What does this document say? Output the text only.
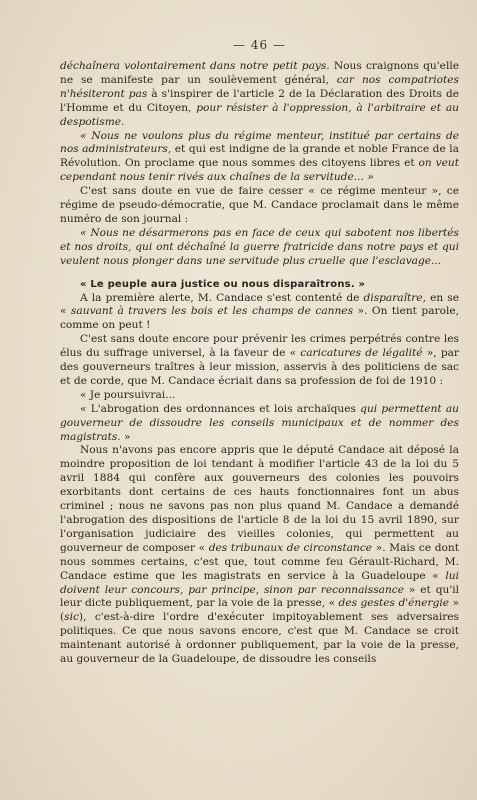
— 46 —

déchaînera volontairement dans notre petit pays. Nous craignons qu'elle ne se manifeste par un soulèvement général, car nos compatriotes n'hésiteront pas à s'inspirer de l'article 2 de la Déclaration des Droits de l'Homme et du Citoyen, pour résister à l'oppression, à l'arbitraire et au despotisme.

« Nous ne voulons plus du régime menteur, institué par certains de nos administrateurs, et qui est indigne de la grande et noble France de la Révolution. On proclame que nous sommes des citoyens libres et on veut cependant nous tenir rivés aux chaînes de la servitude... »

C'est sans doute en vue de faire cesser « ce régime menteur », ce régime de pseudo-démocratie, que M. Candace proclamait dans le même numéro de son journal :

« Nous ne désarmerons pas en face de ceux qui sabotent nos libertés et nos droits, qui ont déchaîné la guerre fratricide dans notre pays et qui veulent nous plonger dans une servitude plus cruelle que l'esclavage...

« Le peuple aura justice ou nous disparaîtrons. »

A la première alerte, M. Candace s'est contenté de disparaître, en se « sauvant à travers les bois et les champs de cannes ». On tient parole, comme on peut !

C'est sans doute encore pour prévenir les crimes perpétrés contre les élus du suffrage universel, à la faveur de « caricatures de légalité », par des gouverneurs traîtres à leur mission, asservis à des politiciens de sac et de corde, que M. Candace écriait dans sa profession de foi de 1910 :

« Je poursuivrai...

« L'abrogation des ordonnances et lois archaïques qui permettent au gouverneur de dissoudre les conseils municipaux et de nommer des magistrats. »

Nous n'avons pas encore appris que le député Candace ait déposé la moindre proposition de loi tendant à modifier l'article 43 de la loi du 5 avril 1884 qui confère aux gouverneurs des colonies les pouvoirs exorbitants dont certains de ces hauts fonctionnaires font un abus criminel ; nous ne savons pas non plus quand M. Candace a demandé l'abrogation des dispositions de l'article 8 de la loi du 15 avril 1890, sur l'organisation judiciaire des vieilles colonies, qui permettent au gouverneur de composer « des tribunaux de circonstance ». Mais ce dont nous sommes certains, c'est que, tout comme feu Gérault-Richard, M. Candace estime que les magistrats en service à la Guadeloupe « lui doivent leur concours, par principe, sinon par reconnaissance » et qu'il leur dicte publiquement, par la voie de la presse, « des gestes d'énergie » (sic), c'est-à-dire l'ordre d'exécuter impitoyablement ses adversaires politiques. Ce que nous savons encore, c'est que M. Candace se croit maintenant autorisé à ordonner publiquement, par la voie de la presse, au gouverneur de la Guadeloupe, de dissoudre les conseils
